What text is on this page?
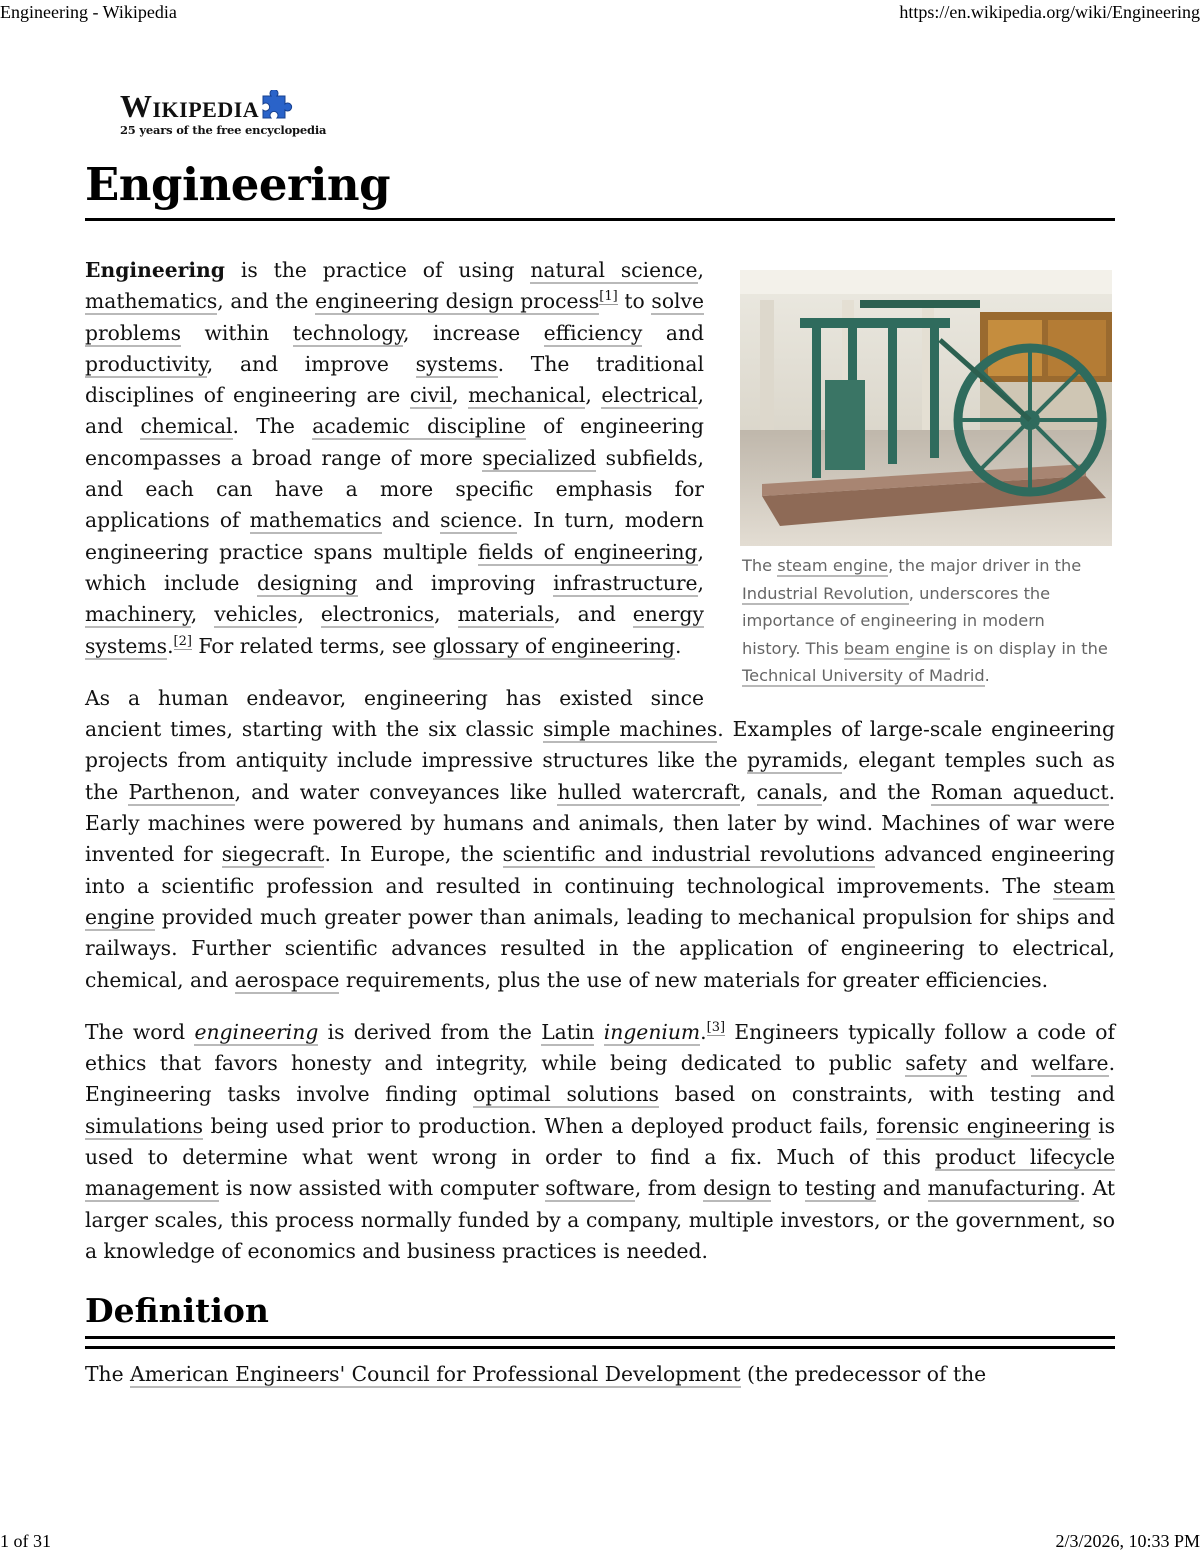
Engineering - Wikipedia	https://en.wikipedia.org/wiki/Engineering
Wikipedia
25 years of the free encyclopedia
Engineering
The steam engine, the major driver in the Industrial Revolution, underscores the importance of engineering in modern history. This beam engine is on display in the Technical University of Madrid.

Engineering is the practice of using natural science, mathematics, and the engineering design process[1] to solve problems within technology, increase efficiency and productivity, and improve systems. The traditional disciplines of engineering are civil, mechanical, electrical, and chemical. The academic discipline of engineering encompasses a broad range of more specialized subfields, and each can have a more specific emphasis for applications of mathematics and science. In turn, modern engineering practice spans multiple fields of engineering, which include designing and improving infrastructure, machinery, vehicles, electronics, materials, and energy systems.[2] For related terms, see glossary of engineering.

As a human endeavor, engineering has existed since ancient times, starting with the six classic simple machines. Examples of large-scale engineering projects from antiquity include impressive structures like the pyramids, elegant temples such as the Parthenon, and water conveyances like hulled watercraft, canals, and the Roman aqueduct. Early machines were powered by humans and animals, then later by wind. Machines of war were invented for siegecraft. In Europe, the scientific and industrial revolutions advanced engineering into a scientific profession and resulted in continuing technological improvements. The steam engine provided much greater power than animals, leading to mechanical propulsion for ships and railways. Further scientific advances resulted in the application of engineering to electrical, chemical, and aerospace requirements, plus the use of new materials for greater efficiencies.

The word engineering is derived from the Latin ingenium.[3] Engineers typically follow a code of ethics that favors honesty and integrity, while being dedicated to public safety and welfare. Engineering tasks involve finding optimal solutions based on constraints, with testing and simulations being used prior to production. When a deployed product fails, forensic engineering is used to determine what went wrong in order to find a fix. Much of this product lifecycle management is now assisted with computer software, from design to testing and manufacturing. At larger scales, this process normally funded by a company, multiple investors, or the government, so a knowledge of economics and business practices is needed.

Definition

The American Engineers' Council for Professional Development (the predecessor of the

1 of 31	2/3/2026, 10:33 PM
